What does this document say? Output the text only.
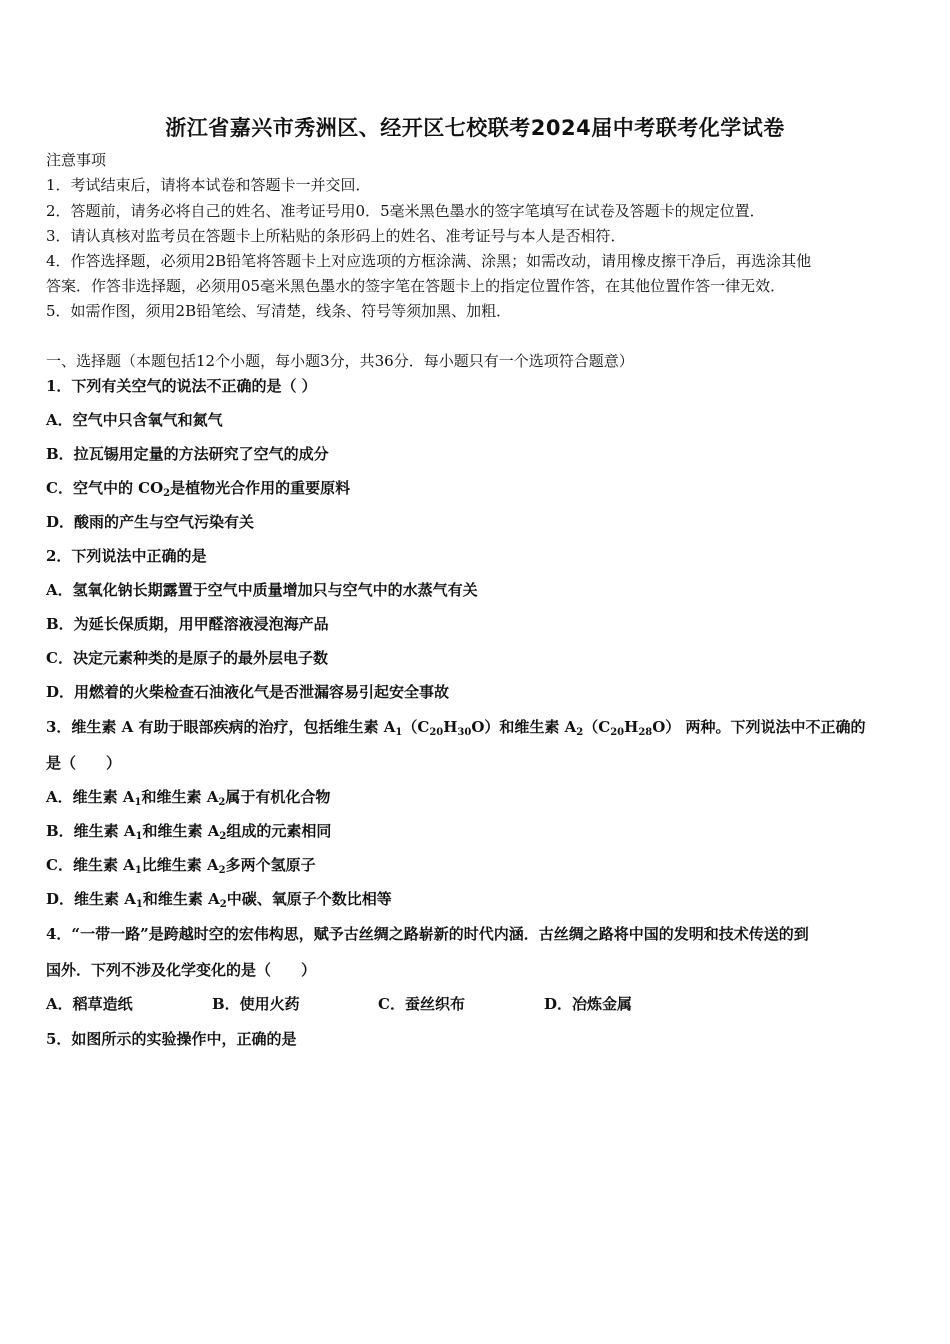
浙江省嘉兴市秀洲区、经开区七校联考2024届中考联考化学试卷
注意事项
1．考试结束后，请将本试卷和答题卡一并交回．
2．答题前，请务必将自己的姓名、准考证号用0．5毫米黑色墨水的签字笔填写在试卷及答题卡的规定位置．
3．请认真核对监考员在答题卡上所粘贴的条形码上的姓名、准考证号与本人是否相符．
4．作答选择题，必须用2B铅笔将答题卡上对应选项的方框涂满、涂黑；如需改动，请用橡皮擦干净后，再选涂其他
答案．作答非选择题，必须用05毫米黑色墨水的签字笔在答题卡上的指定位置作答，在其他位置作答一律无效．
5．如需作图，须用2B铅笔绘、写清楚，线条、符号等须加黑、加粗．
一、选择题（本题包括12个小题，每小题3分，共36分．每小题只有一个选项符合题意）
1．下列有关空气的说法不正确的是（ ）
A．空气中只含氧气和氮气
B．拉瓦锡用定量的方法研究了空气的成分
C．空气中的 $CO_2$是植物光合作用的重要原料
D．酸雨的产生与空气污染有关
2．下列说法中正确的是
A．氢氧化钠长期露置于空气中质量增加只与空气中的水蒸气有关
B．为延长保质期，用甲醛溶液浸泡海产品
C．决定元素种类的是原子的最外层电子数
D．用燃着的火柴检查石油液化气是否泄漏容易引起安全事故
3．维生素 A 有助于眼部疾病的治疗，包括维生素 $A_1(C_{20}H_{30}O)$和维生素 $A_2(C_{20}H_{28}O)$ 两种。下列说法中不正确的
是（　　）
A．维生素 $A_1$和维生素 $A_2$属于有机化合物
B．维生素 $A_1$和维生素 $A_2$组成的元素相同
C．维生素 $A_1$比维生素 $A_2$多两个氢原子
D．维生素 $A_1$和维生素 $A_2$中碳、氧原子个数比相等
4．“一带一路”是跨越时空的宏伟构思，赋予古丝绸之路崭新的时代内涵．古丝绸之路将中国的发明和技术传送的到
国外．下列不涉及化学变化的是（　　）
A．稻草造纸	B．使用火药	C．蚕丝织布	D．冶炼金属
5．如图所示的实验操作中，正确的是
